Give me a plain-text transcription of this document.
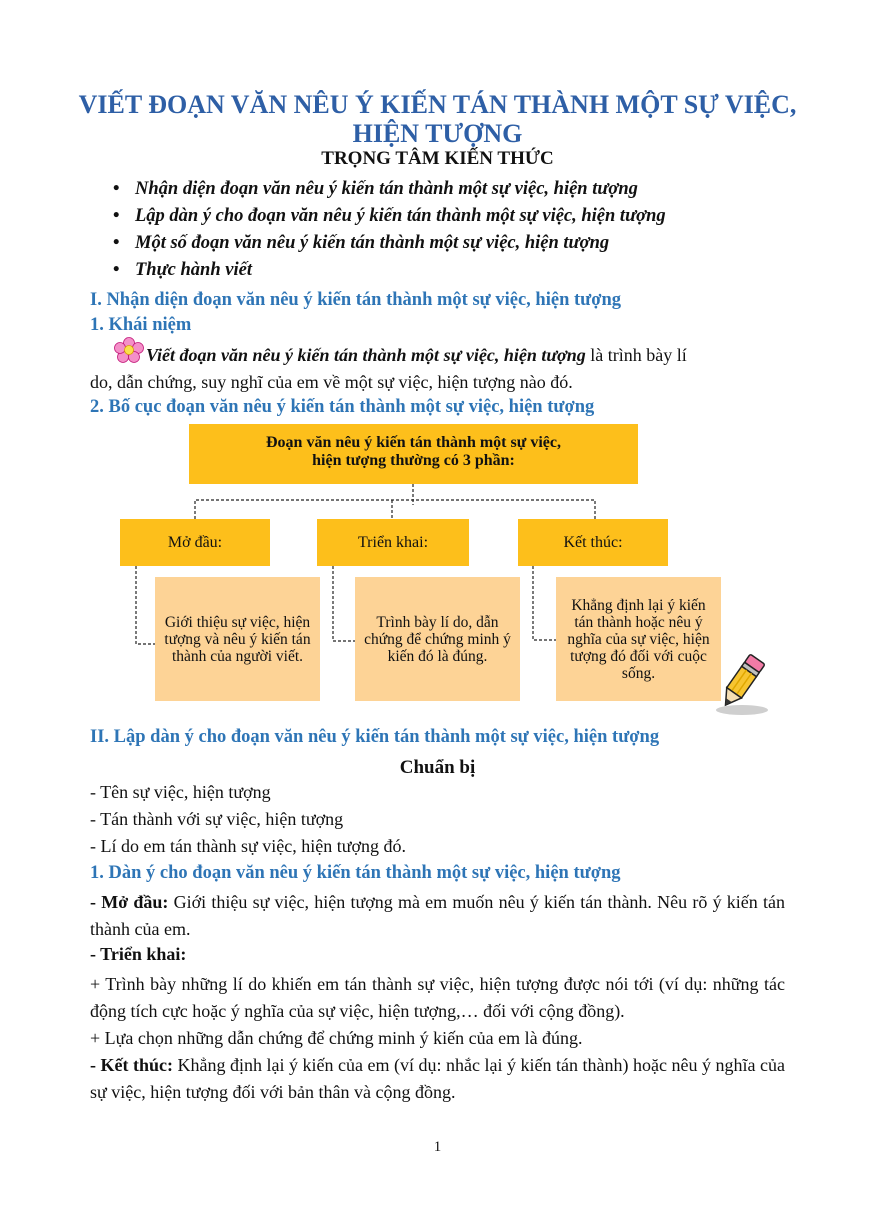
VIẾT ĐOẠN VĂN NÊU Ý KIẾN TÁN THÀNH MỘT SỰ VIỆC, HIỆN TƯỢNG
TRỌNG TÂM KIẾN THỨC
• Nhận diện đoạn văn nêu ý kiến tán thành một sự việc, hiện tượng
• Lập dàn ý cho đoạn văn nêu ý kiến tán thành một sự việc, hiện tượng
• Một số đoạn văn nêu ý kiến tán thành một sự việc, hiện tượng
• Thực hành viết
I. Nhận diện đoạn văn nêu ý kiến tán thành một sự việc, hiện tượng
1. Khái niệm
Viết đoạn văn nêu ý kiến tán thành một sự việc, hiện tượng là trình bày lí
do, dẫn chứng, suy nghĩ của em về một sự việc, hiện tượng nào đó.
2. Bố cục đoạn văn nêu ý kiến tán thành một sự việc, hiện tượng
Đoạn văn nêu ý kiến tán thành một sự việc,
hiện tượng thường có 3 phần:
Mở đầu:	Triển khai:	Kết thúc:
Giới thiệu sự việc, hiện tượng và nêu ý kiến tán thành của người viết.
Trình bày lí do, dẫn chứng để chứng minh ý kiến đó là đúng.
Khẳng định lại ý kiến tán thành hoặc nêu ý nghĩa của sự việc, hiện tượng đó đối với cuộc sống.
II. Lập dàn ý cho đoạn văn nêu ý kiến tán thành một sự việc, hiện tượng
Chuẩn bị
- Tên sự việc, hiện tượng
- Tán thành với sự việc, hiện tượng
- Lí do em tán thành sự việc, hiện tượng đó.
1. Dàn ý cho đoạn văn nêu ý kiến tán thành một sự việc, hiện tượng
- Mở đầu: Giới thiệu sự việc, hiện tượng mà em muốn nêu ý kiến tán thành. Nêu rõ ý kiến tán thành của em.
- Triển khai:
+ Trình bày những lí do khiến em tán thành sự việc, hiện tượng được nói tới (ví dụ: những tác động tích cực hoặc ý nghĩa của sự việc, hiện tượng,… đối với cộng đồng).
+ Lựa chọn những dẫn chứng để chứng minh ý kiến của em là đúng.
- Kết thúc: Khẳng định lại ý kiến của em (ví dụ: nhắc lại ý kiến tán thành) hoặc nêu ý nghĩa của sự việc, hiện tượng đối với bản thân và cộng đồng.
1
